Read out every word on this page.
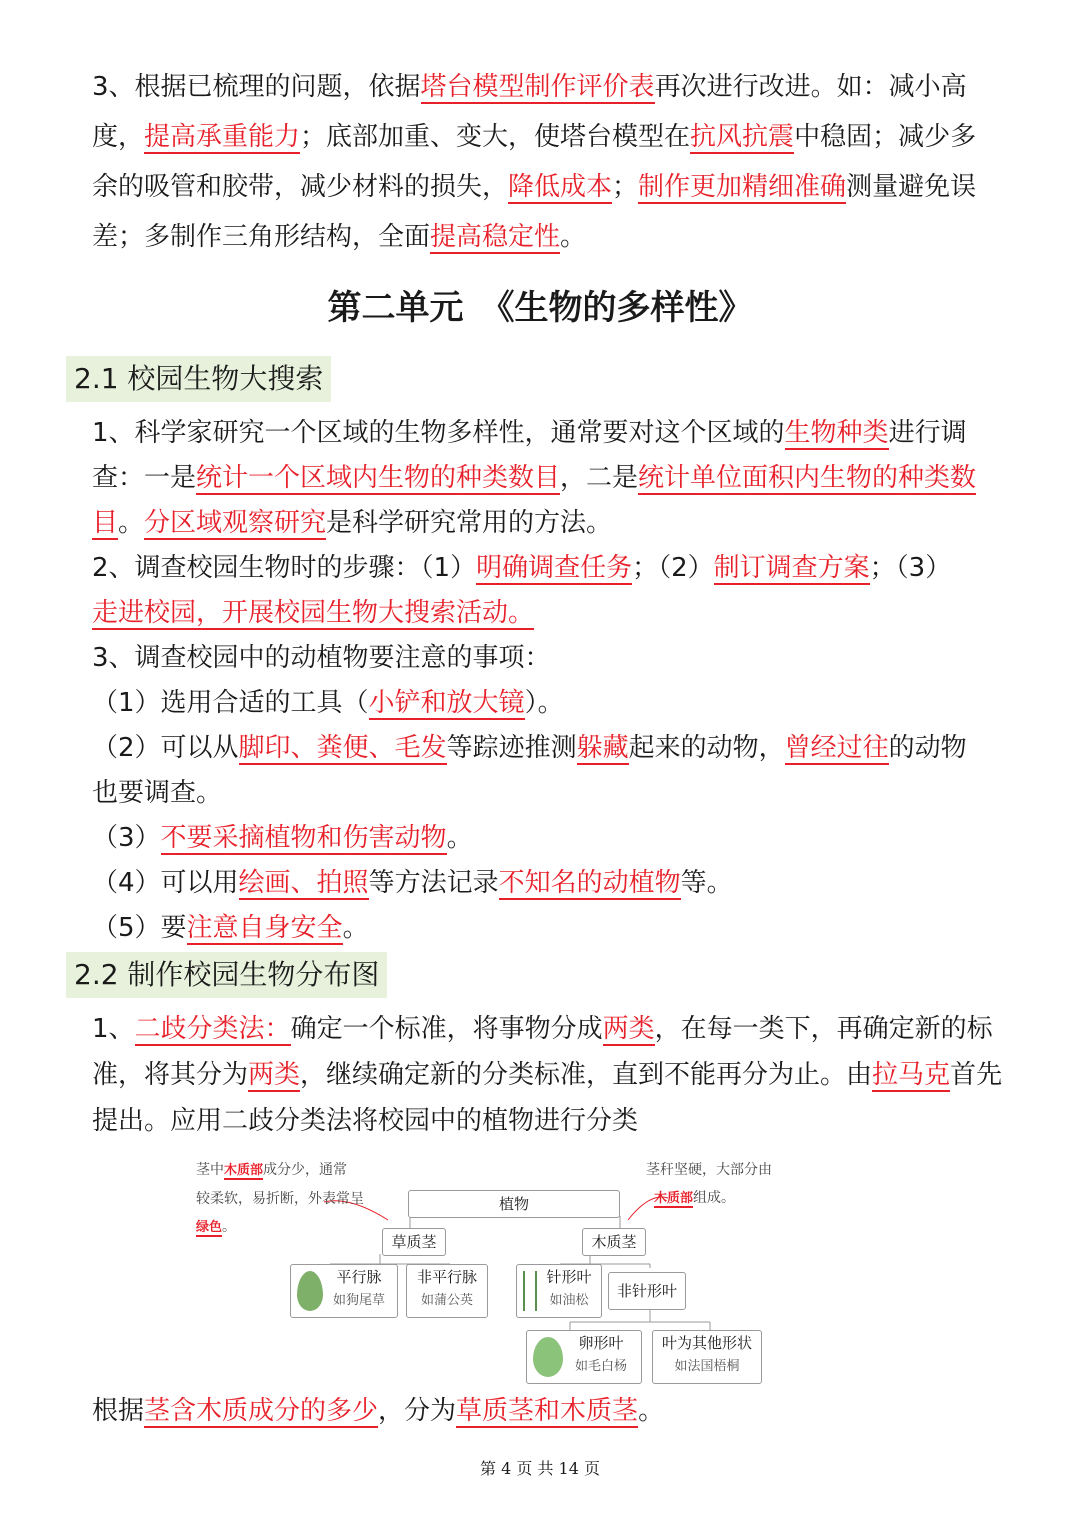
3、根据已梳理的问题，依据塔台模型制作评价表再次进行改进。如：减小高
度，提高承重能力；底部加重、变大，使塔台模型在抗风抗震中稳固；减少多
余的吸管和胶带，减少材料的损失，降低成本；制作更加精细准确测量避免误
差；多制作三角形结构，全面提高稳定性。
第二单元　《生物的多样性》
2.1 校园生物大搜索
1、科学家研究一个区域的生物多样性，通常要对这个区域的生物种类进行调
查：一是统计一个区域内生物的种类数目，二是统计单位面积内生物的种类数
目。分区域观察研究是科学研究常用的方法。
2、调查校园生物时的步骤：（1）明确调查任务；（2）制订调查方案；（3）
走进校园，开展校园生物大搜索活动。
3、调查校园中的动植物要注意的事项：
（1）选用合适的工具（小铲和放大镜）。
（2）可以从脚印、粪便、毛发等踪迹推测躲藏起来的动物，曾经过往的动物
也要调查。
（3）不要采摘植物和伤害动物。
（4）可以用绘画、拍照等方法记录不知名的动植物等。
（5）要注意自身安全。
2.2 制作校园生物分布图
1、二歧分类法：确定一个标准，将事物分成两类，在每一类下，再确定新的标
准，将其分为两类，继续确定新的分类标准，直到不能再分为止。由拉马克首先
提出。应用二歧分类法将校园中的植物进行分类
植物
草质茎	木质茎
平行脉
如狗尾草
非平行脉
如蒲公英
针形叶
如油松
非针形叶
卵形叶
如毛白杨
叶为其他形状
如法国梧桐
茎中木质部成分少，通常
较柔软，易折断，外表常呈
绿色。
茎秆坚硬，大部分由
木质部组成。
根据茎含木质成分的多少，分为草质茎和木质茎。
第 4 页 共 14 页
